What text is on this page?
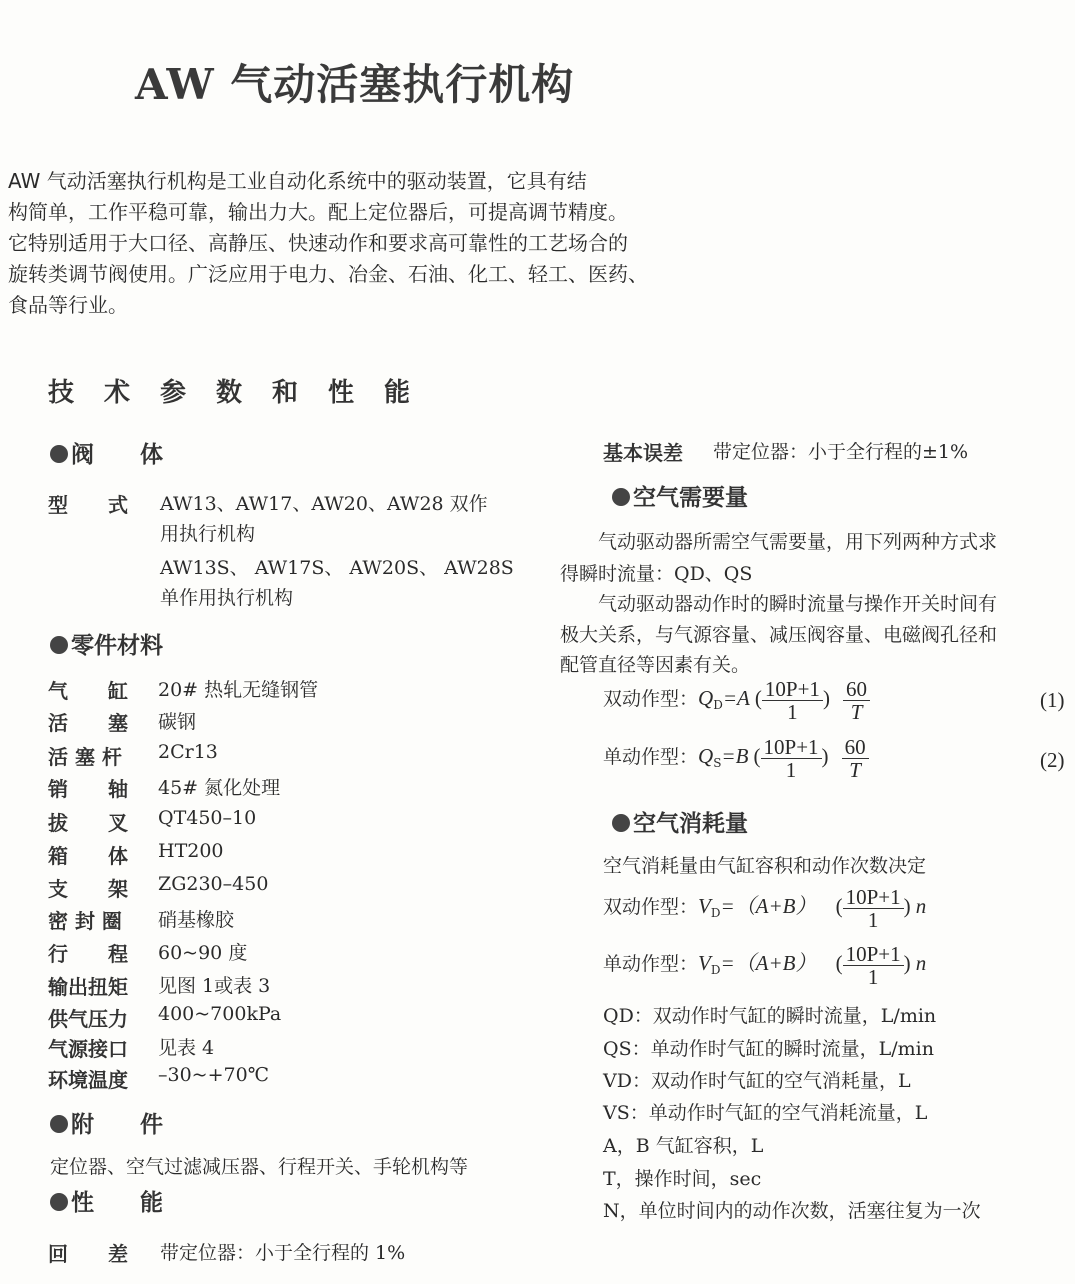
AW 气动活塞执行机构

AW 气动活塞执行机构是工业自动化系统中的驱动装置，它具有结

构简单，工作平稳可靠，输出力大。配上定位器后，可提高调节精度。

它特别适用于大口径、高静压、快速动作和要求高可靠性的工艺场合的

旋转类调节阀使用。广泛应用于电力、冶金、石油、化工、轻工、医药、

食品等行业。

技术参数和性能
阀　　体
型　　式 AW13、AW17、AW20、AW28 双作
用执行机构
AW13S、 AW17S、 AW20S、 AW28S
单作用执行机构
零件材料
气　　缸 20# 热轧无缝钢管
活　　塞 碳钢
活 塞 杆 2Cr13
销　　轴 45# 氮化处理
拔　　叉 QT450–10
箱　　体 HT200
支　　架 ZG230–450
密 封 圈 硝基橡胶
行　　程 60~90 度
输出扭矩 见图 1或表 3
供气压力 400~700kPa
气源接口 见表 4
环境温度 –30~+70℃
附　　件
定位器、空气过滤减压器、行程开关、手轮机构等
性　　能
回　　差 带定位器：小于全行程的 1%
基本误差 带定位器：小于全行程的±1%
空气需要量
　　气动驱动器所需空气需要量，用下列两种方式求
得瞬时流量：QD、QS
　　气动驱动器动作时的瞬时流量与操作开关时间有
极大关系，与气源容量、减压阀容量、电磁阀孔径和
配管直径等因素有关。
双动作型：$Q_D=A$ ( $\frac{10P+1}{1}$ ) $\frac{60}{T}$	(1)
单动作型：$Q_S=B$ ( $\frac{10P+1}{1}$ ) $\frac{60}{T}$	(2)
空气消耗量
空气消耗量由气缸容积和动作次数决定
双动作型：$V_D=(A+B)$ ( $\frac{10P+1}{1}$ ) n
单动作型：$V_D=(A+B)$ ( $\frac{10P+1}{1}$ ) n
QD：双动作时气缸的瞬时流量，L/min
QS：单动作时气缸的瞬时流量，L/min
VD：双动作时气缸的空气消耗量，L
VS：单动作时气缸的空气消耗流量，L
A，B 气缸容积，L
T，操作时间，sec
N，单位时间内的动作次数，活塞往复为一次
